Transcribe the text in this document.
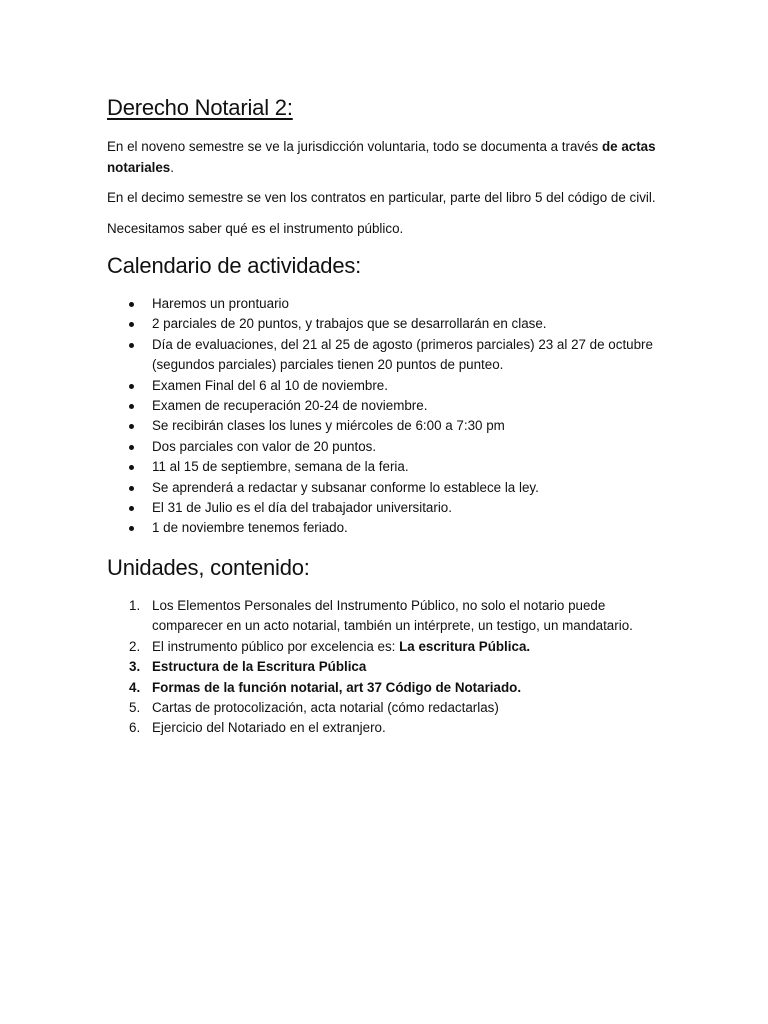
Derecho Notarial 2:

En el noveno semestre se ve la jurisdicción voluntaria, todo se documenta a través de actas notariales.

En el decimo semestre se ven los contratos en particular, parte del libro 5 del código de civil.

Necesitamos saber qué es el instrumento público.

Calendario de actividades:
Haremos un prontuario
2 parciales de 20 puntos, y trabajos que se desarrollarán en clase.
Día de evaluaciones, del 21 al 25 de agosto (primeros parciales) 23 al 27 de octubre (segundos parciales) parciales tienen 20 puntos de punteo.
Examen Final del 6 al 10 de noviembre.
Examen de recuperación 20-24 de noviembre.
Se recibirán clases los lunes y miércoles de 6:00 a 7:30 pm
Dos parciales con valor de 20 puntos.
11 al 15 de septiembre, semana de la feria.
Se aprenderá a redactar y subsanar conforme lo establece la ley.
El 31 de Julio es el día del trabajador universitario.
1 de noviembre tenemos feriado.
Unidades, contenido:
1. Los Elementos Personales del Instrumento Público, no solo el notario puede comparecer en un acto notarial, también un intérprete, un testigo, un mandatario.
2. El instrumento público por excelencia es: La escritura Pública.
3. Estructura de la Escritura Pública
4. Formas de la función notarial, art 37 Código de Notariado.
5. Cartas de protocolización, acta notarial (cómo redactarlas)
6. Ejercicio del Notariado en el extranjero.
